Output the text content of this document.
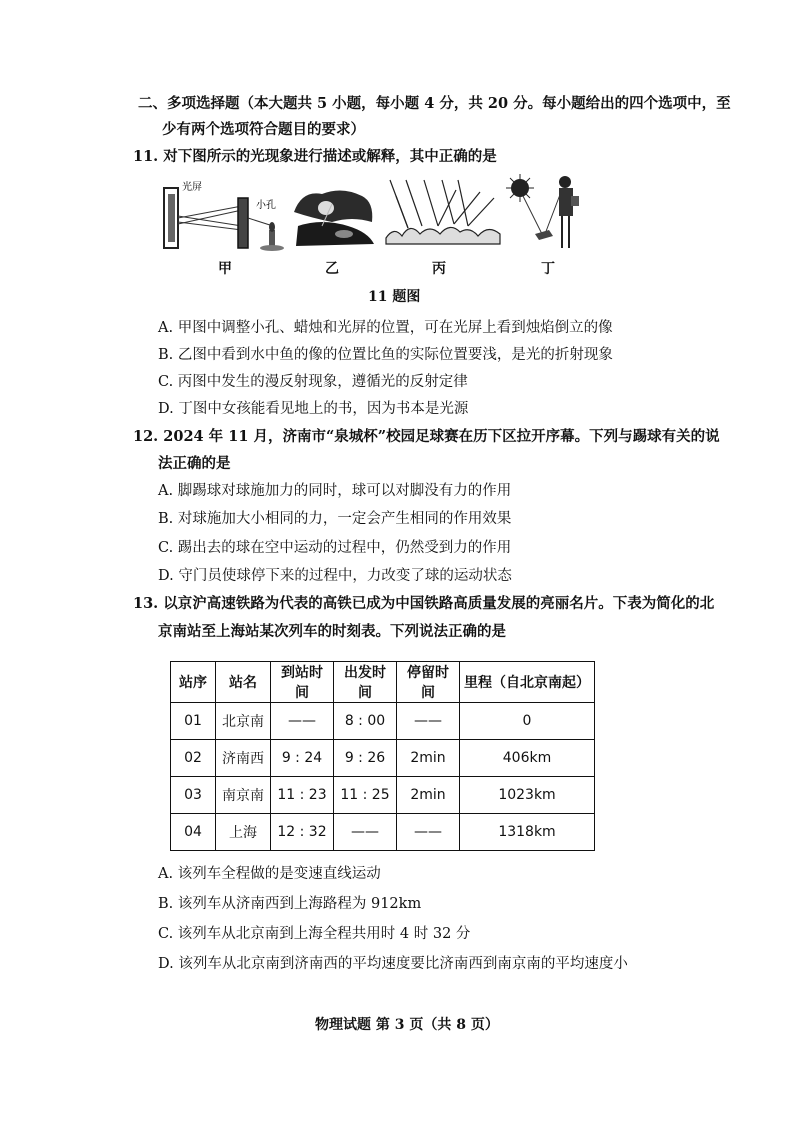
二、多项选择题（本大题共 5 小题，每小题 4 分，共 20 分。每小题给出的四个选项中，至
少有两个选项符合题目的要求）
11. 对下图所示的光现象进行描述或解释，其中正确的是
光屏
小孔
甲	乙	丙	丁
11 题图
A. 甲图中调整小孔、蜡烛和光屏的位置，可在光屏上看到烛焰倒立的像
B. 乙图中看到水中鱼的像的位置比鱼的实际位置要浅，是光的折射现象
C. 丙图中发生的漫反射现象，遵循光的反射定律
D. 丁图中女孩能看见地上的书，因为书本是光源
12. 2024 年 11 月，济南市“泉城杯”校园足球赛在历下区拉开序幕。下列与踢球有关的说
法正确的是
A. 脚踢球对球施加力的同时，球可以对脚没有力的作用
B. 对球施加大小相同的力，一定会产生相同的作用效果
C. 踢出去的球在空中运动的过程中，仍然受到力的作用
D. 守门员使球停下来的过程中，力改变了球的运动状态
13. 以京沪高速铁路为代表的高铁已成为中国铁路高质量发展的亮丽名片。下表为简化的北
京南站至上海站某次列车的时刻表。下列说法正确的是
站序	站名	到站时间	出发时间	停留时间	里程（自北京南起）
01	北京南	——	8 : 00	——	0
02	济南西	9 : 24	9 : 26	2min	406km
03	南京南	11 : 23	11 : 25	2min	1023km
04	上海	12 : 32	——	——	1318km
A. 该列车全程做的是变速直线运动
B. 该列车从济南西到上海路程为 912km
C. 该列车从北京南到上海全程共用时 4 时 32 分
D. 该列车从北京南到济南西的平均速度要比济南西到南京南的平均速度小
物理试题 第 3 页（共 8 页）
